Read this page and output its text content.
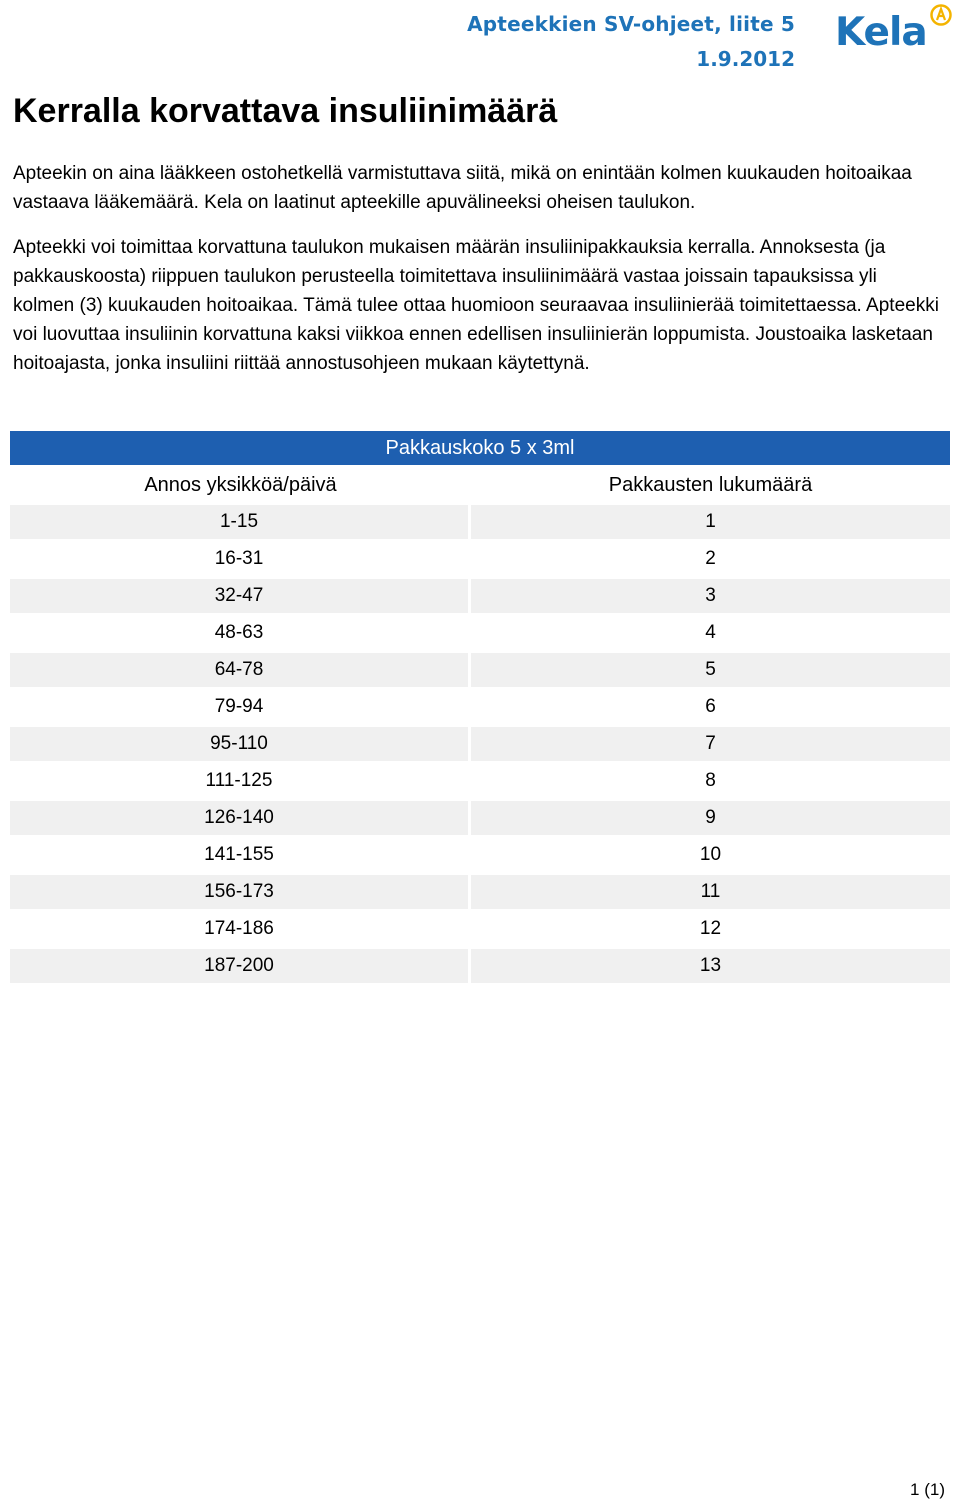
Apteekkien SV-ohjeet, liite 5
1.9.2012
Kela
Kerralla korvattava insuliinimäärä

Apteekin on aina lääkkeen ostohetkellä varmistuttava siitä, mikä on enintään kolmen kuukauden hoitoaikaa vastaava lääkemäärä. Kela on laatinut apteekille apuvälineeksi oheisen taulukon.

Apteekki voi toimittaa korvattuna taulukon mukaisen määrän insuliinipakkauksia kerralla. Annoksesta (ja pakkauskoosta) riippuen taulukon perusteella toimitettava insuliinimäärä vastaa joissain tapauksissa yli kolmen (3) kuukauden hoitoaikaa. Tämä tulee ottaa huomioon seuraavaa insuliinierää toimitettaessa. Apteekki voi luovuttaa insuliinin korvattuna kaksi viikkoa ennen edellisen insuliinierän loppumista. Joustoaika lasketaan hoitoajasta, jonka insuliini riittää annostusohjeen mukaan käytettynä.

Pakkauskoko 5 x 3ml	
Annos yksikköä/päivä	Pakkausten lukumäärä
1-15	1
16-31	2
32-47	3
48-63	4
64-78	5
79-94	6
95-110	7
111-125	8
126-140	9
141-155	10
156-173	11
174-186	12
187-200	13
1 (1)
